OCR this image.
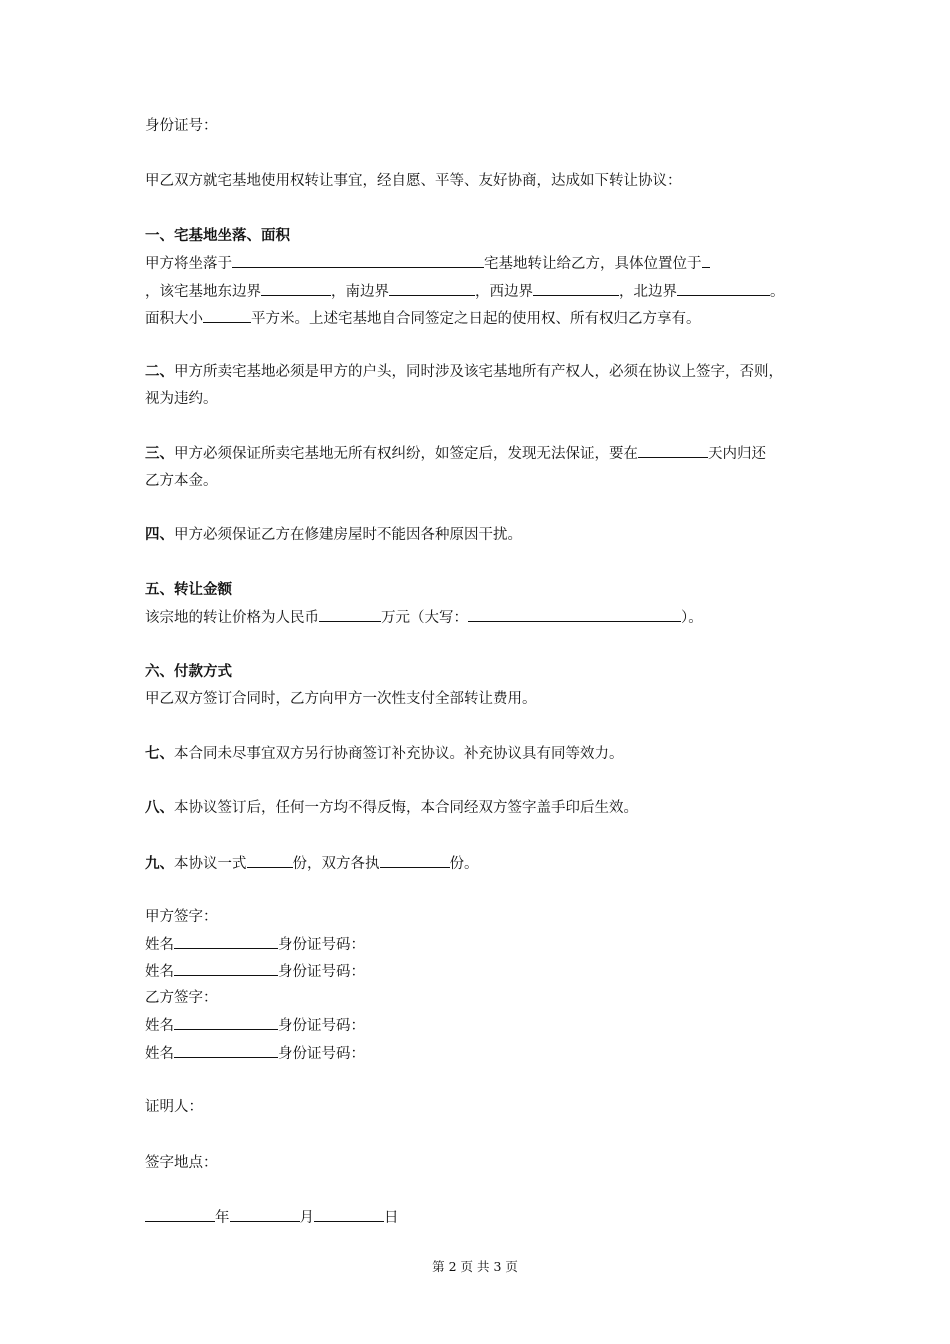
身份证号：
甲乙双方就宅基地使用权转让事宜，经自愿、平等、友好协商，达成如下转让协议：
一、宅基地坐落、面积
甲方将坐落于	宅基地转让给乙方，具体位置位于
，该宅基地东边界	，南边界	，西边界	，北边界	。
面积大小	平方米。上述宅基地自合同签定之日起的使用权、所有权归乙方享有。
二、甲方所卖宅基地必须是甲方的户头，同时涉及该宅基地所有产权人，必须在协议上签字，否则，
视为违约。
三、甲方必须保证所卖宅基地无所有权纠纷，如签定后，发现无法保证，要在	天内归还
乙方本金。
四、甲方必须保证乙方在修建房屋时不能因各种原因干扰。
五、转让金额
该宗地的转让价格为人民币	万元（大写：	）。
六、付款方式
甲乙双方签订合同时，乙方向甲方一次性支付全部转让费用。
七、本合同未尽事宜双方另行协商签订补充协议。补充协议具有同等效力。
八、本协议签订后，任何一方均不得反悔，本合同经双方签字盖手印后生效。
九、本协议一式	份，双方各执	份。
甲方签字：
姓名	身份证号码：
姓名	身份证号码：
乙方签字：
姓名	身份证号码：
姓名	身份证号码：
证明人：
签字地点：
年	月	日
第 2 页 共 3 页
